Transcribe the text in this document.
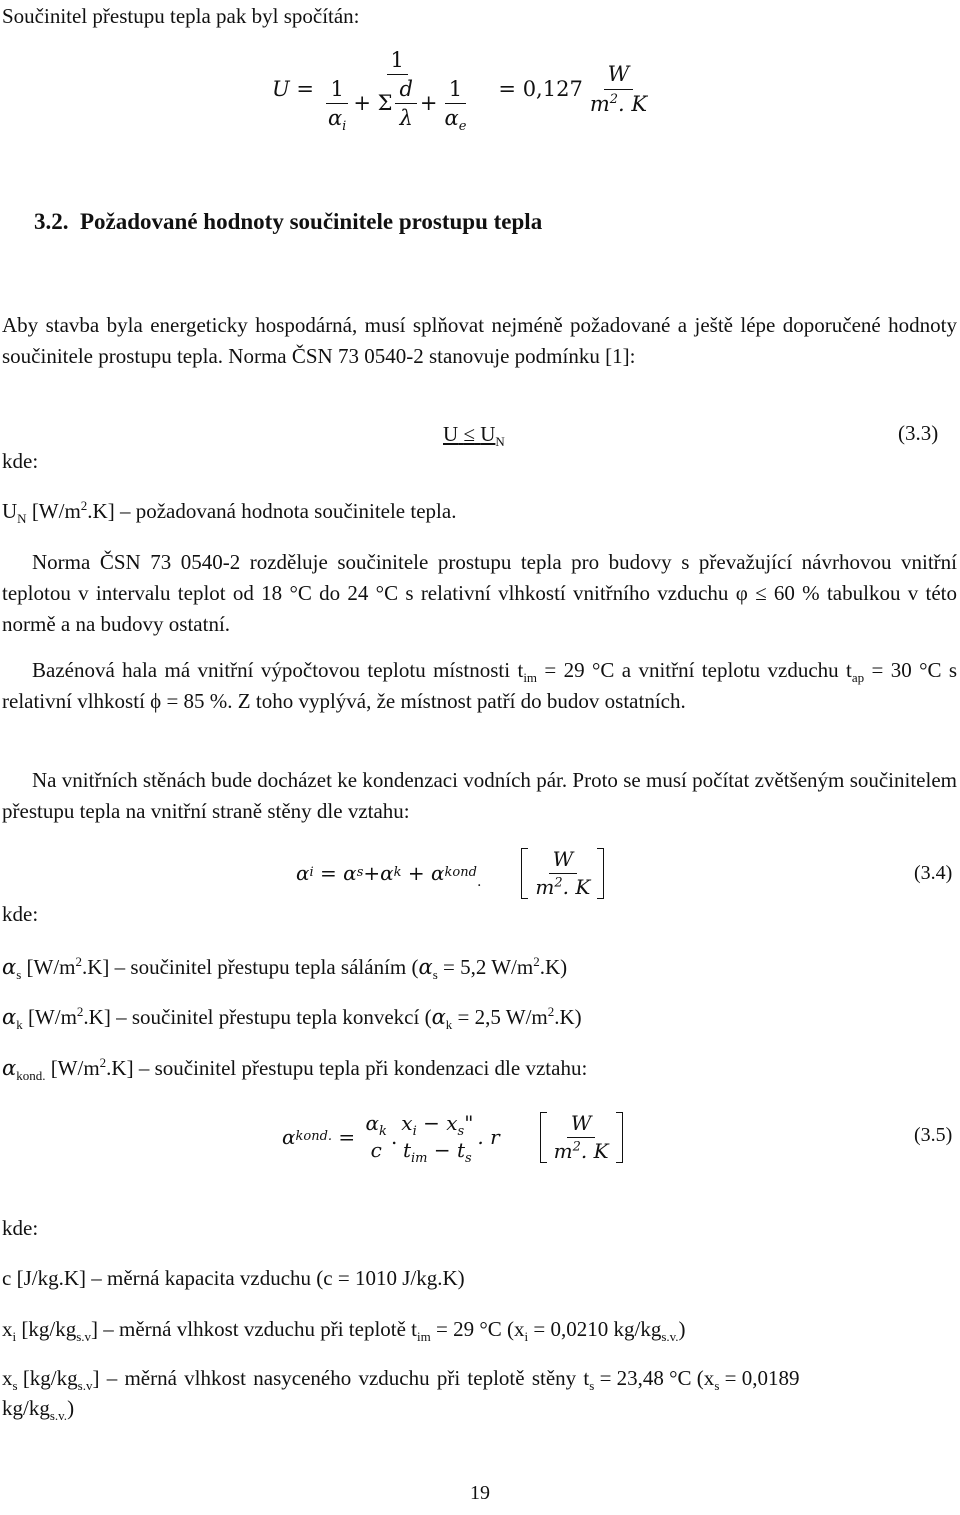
Součinitel přestupu tepla pak byl spočítán:
U =
1
$\frac{1}{\alpha_i} + \Sigma \frac{d}{\lambda} + \frac{1}{\alpha_e} = 0,127 \frac{W}{m^2. K}$
3.2. Požadované hodnoty součinitele prostupu tepla
Aby stavba byla energeticky hospodárná, musí splňovat nejméně požadované a ještě lépe doporučené hodnoty součinitele prostupu tepla. Norma ČSN 73 0540-2 stanovuje podmínku [1]:
$U \le U_N$	(3.3)
kde:
$U_N$ $[W/m^2.K]$ – požadovaná hodnota součinitele tepla.
Norma ČSN 73 0540-2 rozděluje součinitele prostupu tepla pro budovy s převažující návrhovou vnitřní teplotou v intervalu teplot od 18 °C do 24 °C s relativní vlhkostí vnitřního vzduchu φ ≤ 60 % tabulkou v této normě a na budovy ostatní.
Bazénová hala má vnitřní výpočtovou teplotu místnosti $t_{im} = 29$ °C a vnitřní teplotu vzduchu $t_{ap} = 30$ °C s relativní vlhkostí ϕ = 85 %. Z toho vyplývá, že místnost patří do budov ostatních.
Na vnitřních stěnách bude docházet ke kondenzaci vodních pár. Proto se musí počítat zvětšeným součinitelem přestupu tepla na vnitřní straně stěny dle vztahu:
α i = α s + α k + α kond
.	$\frac{W}{m^2. K}$	(3.4)
kde:
$\alpha_s$ $[W/m^2.K]$ – součinitel přestupu tepla sáláním ($\alpha_s = 5,2$ $W/m^2.K$)
$\alpha_k$ $[W/m^2.K]$ – součinitel přestupu tepla konvekcí ($\alpha_k = 2,5$ $W/m^2.K$)
$\alpha_{kond.}$ $[W/m^2.K]$ – součinitel přestupu tepla při kondenzaci dle vztahu:
α kond. =
$\alpha_k$
c
.
$x_i - x_s$"
$t_{im} - t_s$
. r	$\frac{W}{m^2. K}$	(3.5)
kde:
c [J/kg.K] – měrná kapacita vzduchu (c = 1010 J/kg.K)
$x_i$ $[kg/kg_{s.v}]$ – měrná vlhkost vzduchu při teplotě $t_{im} = 29$ °C ($x_i = 0,0210$ $kg/kg_{s.v.}$)
$x_s$ $[kg/kg_{s.v}]$ – měrná vlhkost nasyceného vzduchu při teplotě stěny $t_s = 23,48$ °C ($x_s = 0,0189$
$kg/kg_{s.v.}$)
19
